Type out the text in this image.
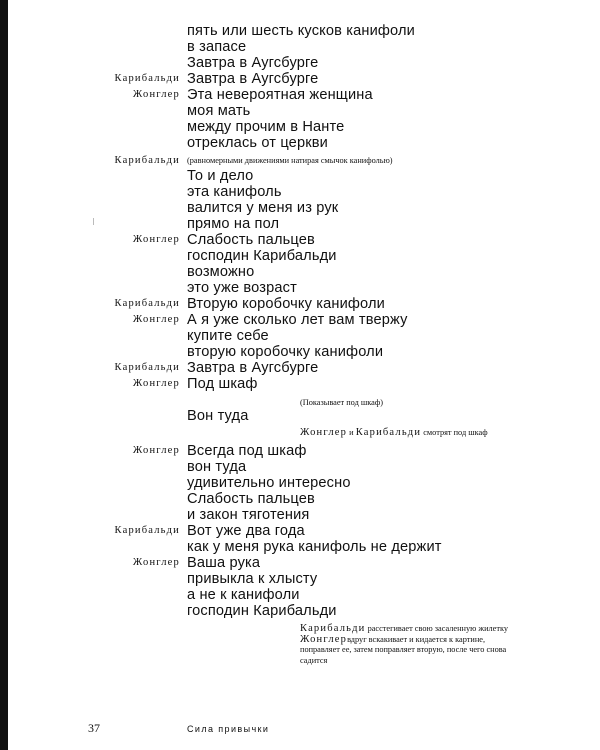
пять или шесть кусков канифоли
в запасе
Завтра в Аугсбурге
Карибальди Завтра в Аугсбурге
Жонглер Эта невероятная женщина
моя мать
между прочим в Нанте
отреклась от церкви
Карибальди (равномерными движениями натирая смычок канифолью)
То и дело
эта канифоль
валится у меня из рук
прямо на пол
Жонглер Слабость пальцев
господин Карибальди
возможно
это уже возраст
Карибальди Вторую коробочку канифоли
Жонглер А я уже сколько лет вам твержу
купите себе
вторую коробочку канифоли
Карибальди Завтра в Аугсбурге
Жонглер Под шкаф
(Показывает под шкаф)
Вон туда
Жонглер и Карибальди смотрят под шкаф
Жонглер Всегда под шкаф
вон туда
удивительно интересно
Слабость пальцев
и закон тяготения
Карибальди Вот уже два года
как у меня рука канифоль не держит
Жонглер Ваша рука
привыкла к хлысту
а не к канифоли
господин Карибальди
Карибальди расстегивает свою засаленную жилетку
Жонглервдруг вскакивает и кидается к картине, поправляет ее, затем поправляет вторую, после чего снова садится
37	Сила привычки
